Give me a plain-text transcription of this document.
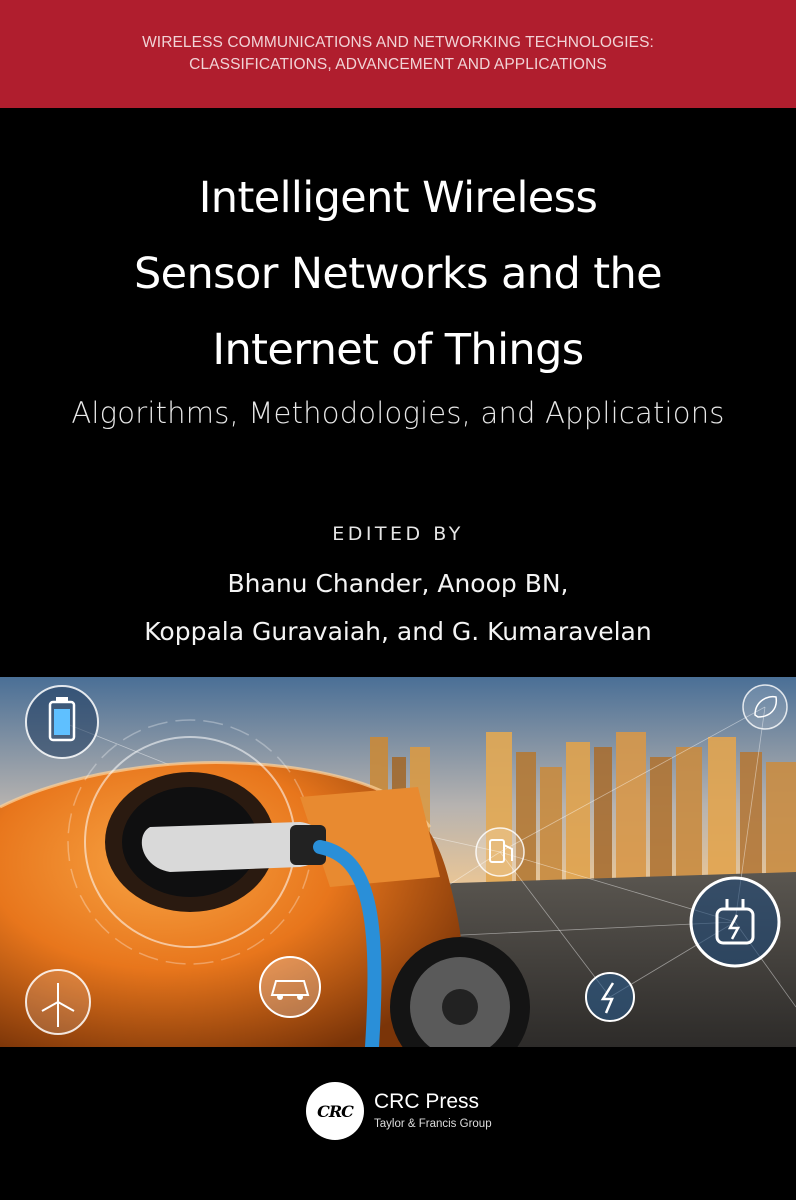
WIRELESS COMMUNICATIONS AND NETWORKING TECHNOLOGIES:
CLASSIFICATIONS, ADVANCEMENT AND APPLICATIONS
Intelligent Wireless
Sensor Networks and the
Internet of Things
Algorithms, Methodologies, and Applications
EDITED BY
Bhanu Chander, Anoop BN,
Koppala Guravaiah, and G. Kumaravelan
CRC CRC Press
Taylor & Francis Group
